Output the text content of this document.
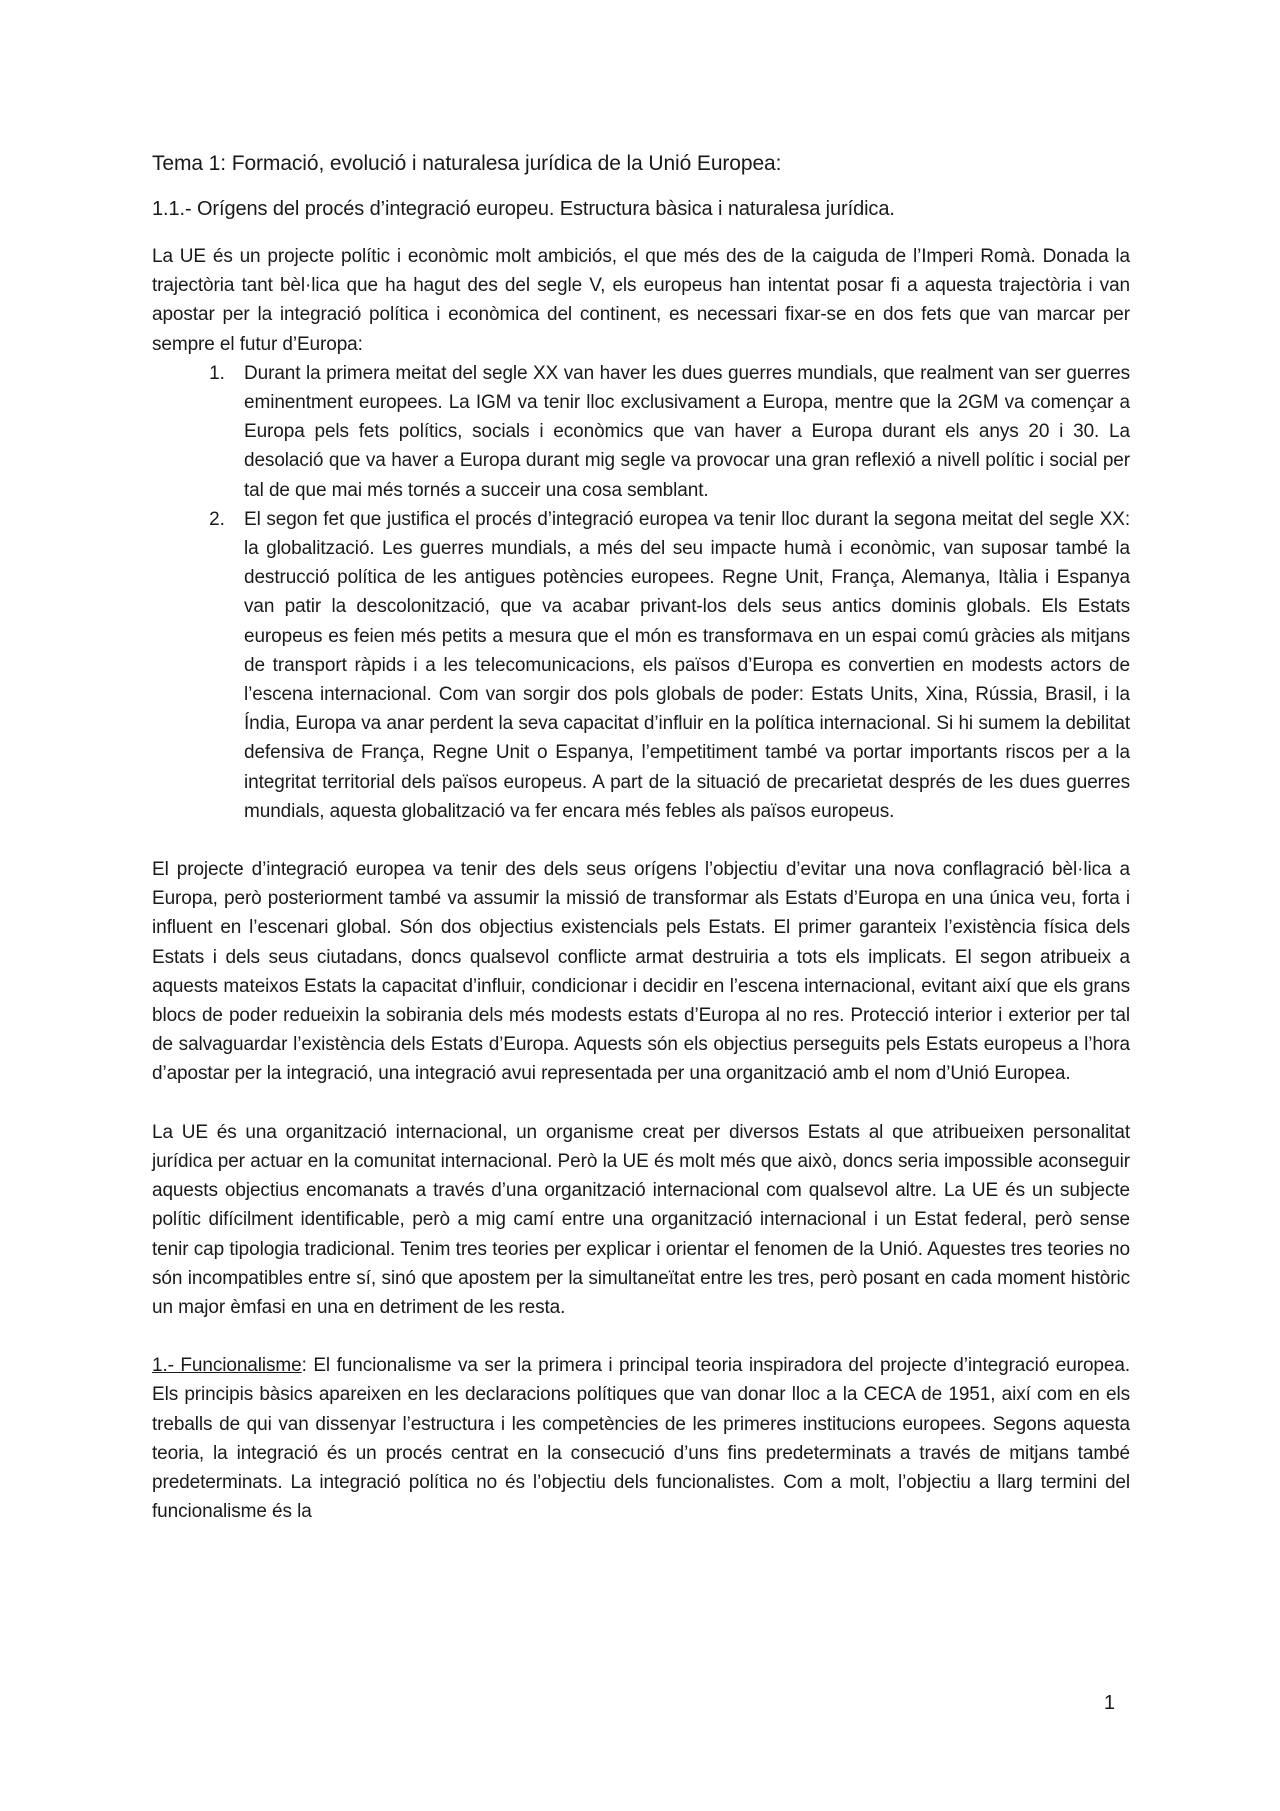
Tema 1: Formació, evolució i naturalesa jurídica de la Unió Europea:
1.1.- Orígens del procés d’integració europeu. Estructura bàsica i naturalesa jurídica.

La UE és un projecte polític i econòmic molt ambiciós, el que més des de la caiguda de l’Imperi Romà. Donada la trajectòria tant bèl·lica que ha hagut des del segle V, els europeus han intentat posar fi a aquesta trajectòria i van apostar per la integració política i econòmica del continent, es necessari fixar-se en dos fets que van marcar per sempre el futur d’Europa:

1. Durant la primera meitat del segle XX van haver les dues guerres mundials, que realment van ser guerres eminentment europees. La IGM va tenir lloc exclusivament a Europa, mentre que la 2GM va començar a Europa pels fets polítics, socials i econòmics que van haver a Europa durant els anys 20 i 30. La desolació que va haver a Europa durant mig segle va provocar una gran reflexió a nivell polític i social per tal de que mai més tornés a succeir una cosa semblant.
2. El segon fet que justifica el procés d’integració europea va tenir lloc durant la segona meitat del segle XX: la globalització. Les guerres mundials, a més del seu impacte humà i econòmic, van suposar també la destrucció política de les antigues potències europees. Regne Unit, França, Alemanya, Itàlia i Espanya van patir la descolonització, que va acabar privant-los dels seus antics dominis globals. Els Estats europeus es feien més petits a mesura que el món es transformava en un espai comú gràcies als mitjans de transport ràpids i a les telecomunicacions, els països d’Europa es convertien en modests actors de l’escena internacional. Com van sorgir dos pols globals de poder: Estats Units, Xina, Rússia, Brasil, i la Índia, Europa va anar perdent la seva capacitat d’influir en la política internacional. Si hi sumem la debilitat defensiva de França, Regne Unit o Espanya, l’empetitiment també va portar importants riscos per a la integritat territorial dels països europeus. A part de la situació de precarietat després de les dues guerres mundials, aquesta globalització va fer encara més febles als països europeus.

El projecte d’integració europea va tenir des dels seus orígens l’objectiu d’evitar una nova conflagració bèl·lica a Europa, però posteriorment també va assumir la missió de transformar als Estats d’Europa en una única veu, forta i influent en l’escenari global. Són dos objectius existencials pels Estats. El primer garanteix l’existència física dels Estats i dels seus ciutadans, doncs qualsevol conflicte armat destruiria a tots els implicats. El segon atribueix a aquests mateixos Estats la capacitat d’influir, condicionar i decidir en l’escena internacional, evitant així que els grans blocs de poder redueixin la sobirania dels més modests estats d’Europa al no res. Protecció interior i exterior per tal de salvaguardar l’existència dels Estats d’Europa. Aquests són els objectius perseguits pels Estats europeus a l’hora d’apostar per la integració, una integració avui representada per una organització amb el nom d’Unió Europea.

La UE és una organització internacional, un organisme creat per diversos Estats al que atribueixen personalitat jurídica per actuar en la comunitat internacional. Però la UE és molt més que això, doncs seria impossible aconseguir aquests objectius encomanats a través d’una organització internacional com qualsevol altre. La UE és un subjecte polític difícilment identificable, però a mig camí entre una organització internacional i un Estat federal, però sense tenir cap tipologia tradicional. Tenim tres teories per explicar i orientar el fenomen de la Unió. Aquestes tres teories no són incompatibles entre sí, sinó que apostem per la simultaneïtat entre les tres, però posant en cada moment històric un major èmfasi en una en detriment de les resta.

1.- Funcionalisme: El funcionalisme va ser la primera i principal teoria inspiradora del projecte d’integració europea. Els principis bàsics apareixen en les declaracions polítiques que van donar lloc a la CECA de 1951, així com en els treballs de qui van dissenyar l’estructura i les competències de les primeres institucions europees. Segons aquesta teoria, la integració és un procés centrat en la consecució d’uns fins predeterminats a través de mitjans també predeterminats. La integració política no és l’objectiu dels funcionalistes. Com a molt, l’objectiu a llarg termini del funcionalisme és la

1
